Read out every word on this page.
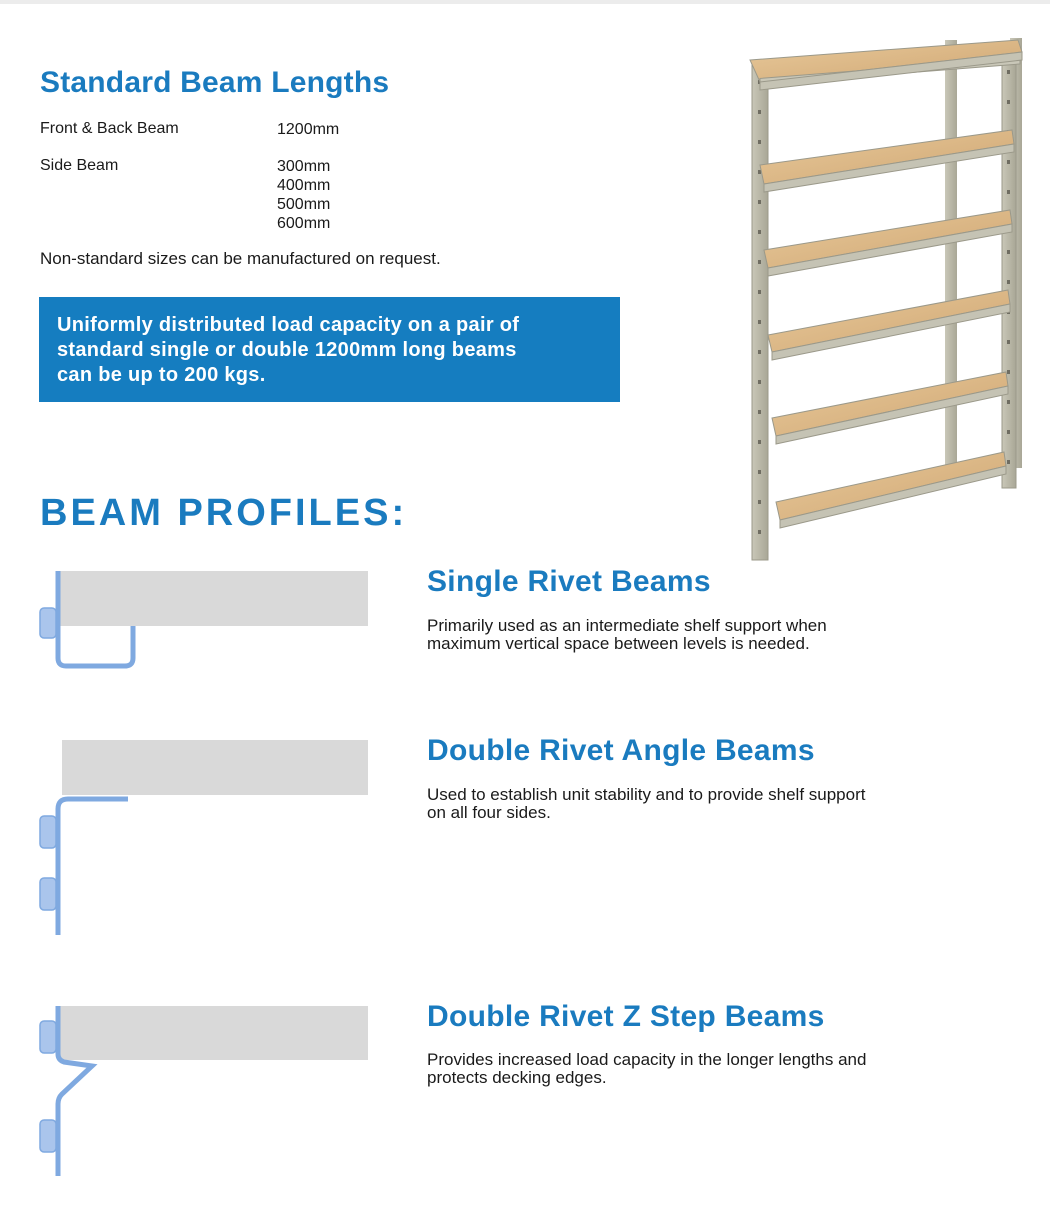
Standard Beam Lengths
Front & Back Beam	1200mm
Side Beam	300mm
400mm
500mm
600mm
Non-standard sizes can be manufactured on request.
Uniformly distributed load capacity on a pair of
standard single or double 1200mm long beams
can be up to 200 kgs.
BEAM PROFILES:
Single Rivet Beams
Primarily used as an intermediate shelf support when
maximum vertical space between levels is needed.
Double Rivet Angle Beams
Used to establish unit stability and to provide shelf support
on all four sides.
Double Rivet Z Step Beams
Provides increased load capacity in the longer lengths and
protects decking edges.
